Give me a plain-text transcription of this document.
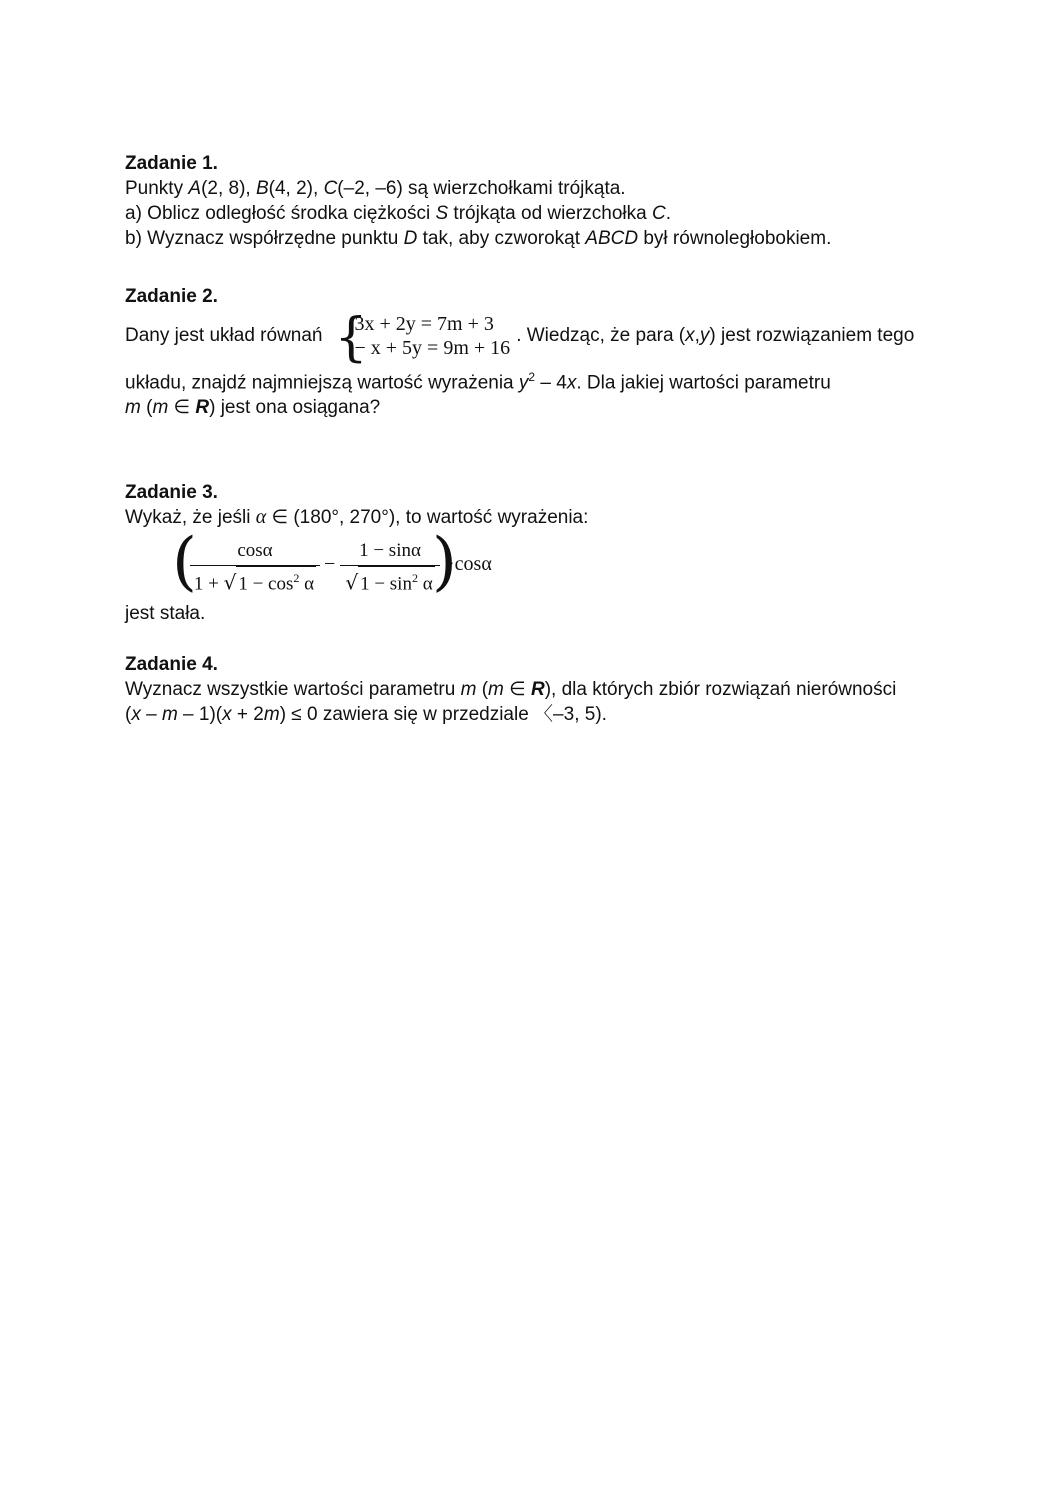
Zadanie 1.
Punkty A(2, 8), B(4, 2), C(–2, –6) są wierzchołkami trójkąta.
a) Oblicz odległość środka ciężkości S trójkąta od wierzchołka C.
b) Wyznacz współrzędne punktu D tak, aby czworokąt ABCD był równoległobokiem.
Zadanie 2.
Dany jest układ równań {
3x + 2y = 7m + 3
− x + 5y = 9m + 16
. Wiedząc, że para ( x , y ) jest rozwiązaniem tego
układu, znajdź najmniejszą wartość wyrażenia $y^2 - 4x$. Dla jakiej wartości parametru
m (m ∈ R) jest ona osiągana?
Zadanie 3.
Wykaż, że jeśli α ∈ (180°, 270°), to wartość wyrażenia:
(	cosα
1 + √ $1 - \cos^2 \alpha$
−
1 − sinα
√ $1 - \sin^2 \alpha$ )
·cosα
jest stała.
Zadanie 4.
Wyznacz wszystkie wartości parametru m (m ∈ R), dla których zbiór rozwiązań nierówności
(x – m – 1)(x + 2m) ≤ 0 zawiera się w przedziale 〈–3, 5).
